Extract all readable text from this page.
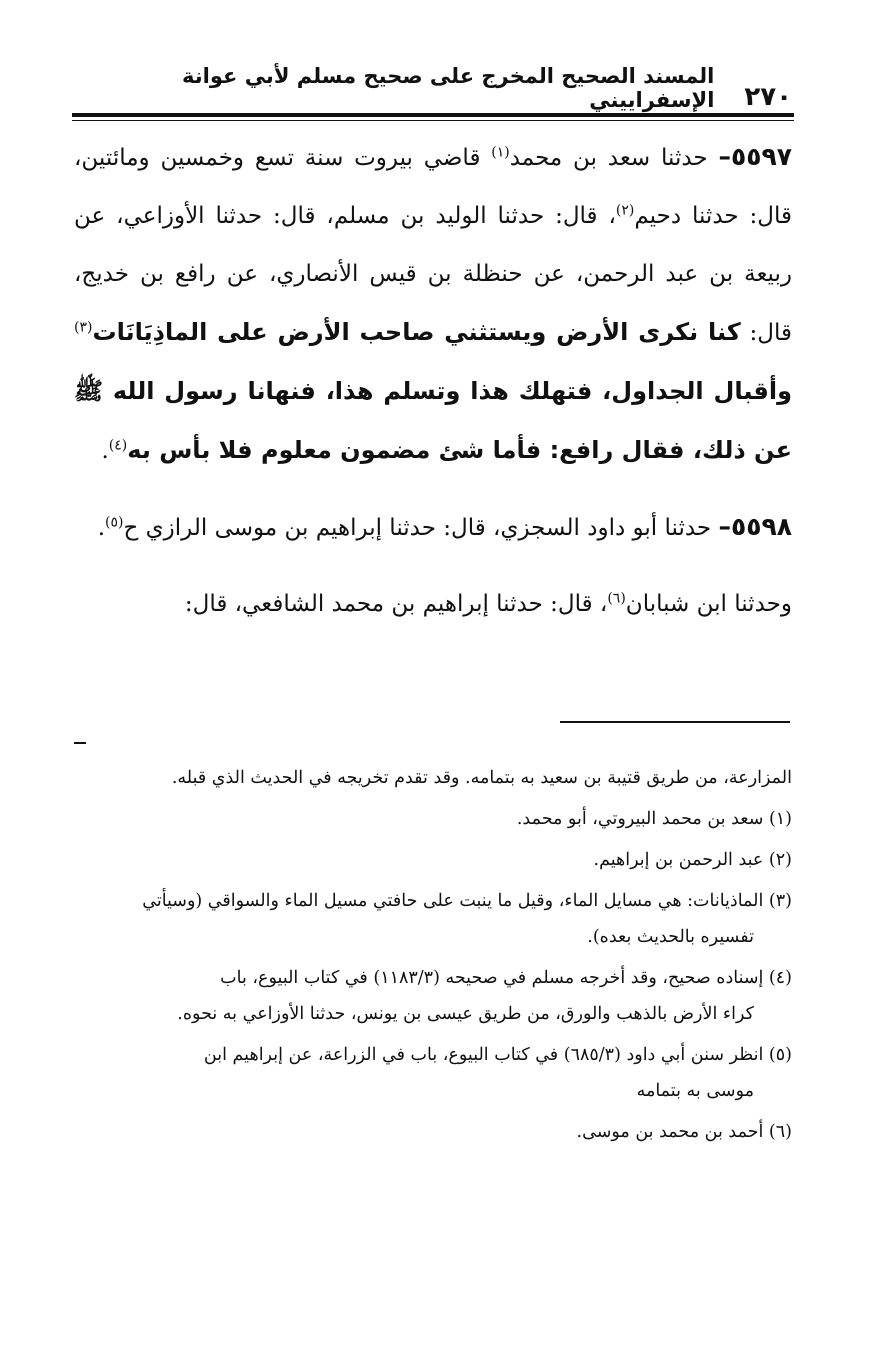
٢٧٠
المسند الصحيح المخرج على صحيح مسلم لأبي عوانة الإسفراييني

٥٥٩٧– حدثنا سعد بن محمد$^{(١)}$ قاضي بيروت سنة تسع وخمسين ومائتين، قال: حدثنا دحيم$^{(٢)}$، قال: حدثنا الوليد بن مسلم، قال: حدثنا الأوزاعي، عن ربيعة بن عبد الرحمن، عن حنظلة بن قيس الأنصاري، عن رافع بن خديج، قال: كنا نكرى الأرض ويستثني صاحب الأرض على الماذِيَانَات$^{(٣)}$ وأقبال الجداول، فتهلك هذا وتسلم هذا، فنهانا رسول الله ﷺ عن ذلك، فقال رافع: فأما شئ مضمون معلوم فلا بأس به$^{(٤)}$.

٥٥٩٨– حدثنا أبو داود السجزي، قال: حدثنا إبراهيم بن موسى الرازي ح$^{(٥)}$.

وحدثنا ابن شبابان$^{(٦)}$، قال: حدثنا إبراهيم بن محمد الشافعي، قال:

المزارعة، من طريق قتيبة بن سعيد به بتمامه. وقد تقدم تخريجه في الحديث الذي قبله.

(١) سعد بن محمد البيروتي، أبو محمد.

(٢) عبد الرحمن بن إبراهيم.

(٣) الماذيانات: هي مسايل الماء، وقيل ما ينبت على حافتي مسيل الماء والسواقي (وسيأتي
تفسيره بالحديث بعده).

(٤) إسناده صحيح، وقد أخرجه مسلم في صحيحه (١١٨٣/٣) في كتاب البيوع، باب
كراء الأرض بالذهب والورق، من طريق عيسى بن يونس، حدثنا الأوزاعي به نحوه.

(٥) انظر سنن أبي داود (٦٨٥/٣) في كتاب البيوع، باب في الزراعة، عن إبراهيم ابن
موسى به بتمامه

(٦) أحمد بن محمد بن موسى.
